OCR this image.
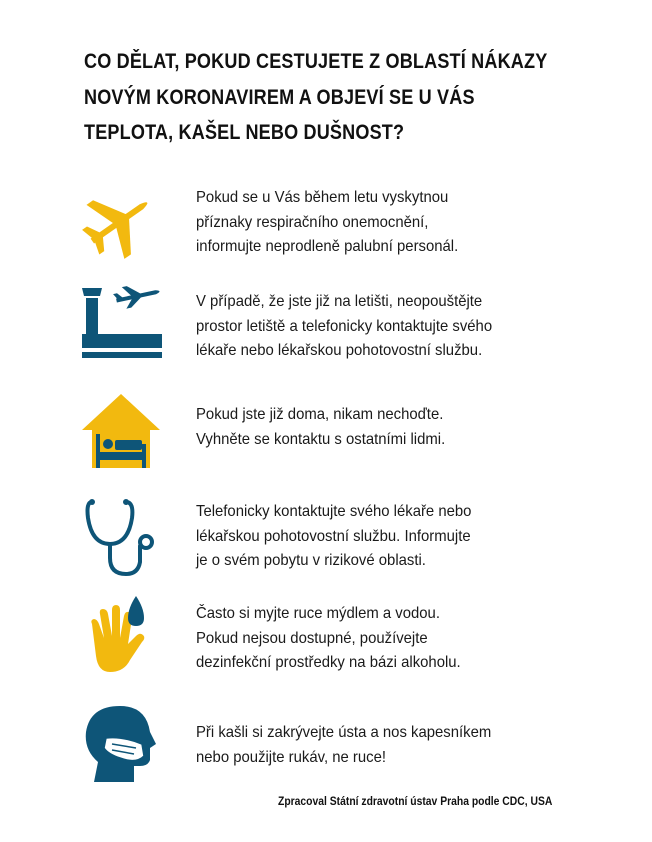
CO DĚLAT, POKUD CESTUJETE Z OBLASTÍ NÁKAZY
NOVÝM KORONAVIREM A OBJEVÍ SE U VÁS
TEPLOTA, KAŠEL NEBO DUŠNOST?
Pokud se u Vás během letu vyskytnou
příznaky respiračního onemocnění,
informujte neprodleně palubní personál.
V případě, že jste již na letišti, neopouštějte
prostor letiště a telefonicky kontaktujte svého
lékaře nebo lékařskou pohotovostní službu.
Pokud jste již doma, nikam nechoďte.
Vyhněte se kontaktu s ostatními lidmi.
Telefonicky kontaktujte svého lékaře nebo
lékařskou pohotovostní službu. Informujte
je o svém pobytu v rizikové oblasti.
Často si myjte ruce mýdlem a vodou.
Pokud nejsou dostupné, používejte
dezinfekční prostředky na bázi alkoholu.
Při kašli si zakrývejte ústa a nos kapesníkem
nebo použijte rukáv, ne ruce!
Zpracoval Státní zdravotní ústav Praha podle CDC, USA
